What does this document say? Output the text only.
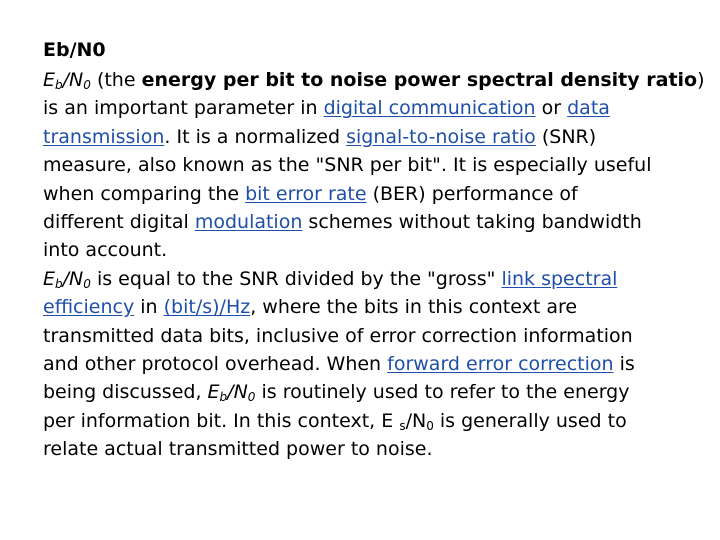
Eb/N0
$E_b/N_0$ (the energy per bit to noise power spectral density ratio)
is an important parameter in digital communication or data
transmission. It is a normalized signal-to-noise ratio (SNR)
measure, also known as the "SNR per bit". It is especially useful
when comparing the bit error rate (BER) performance of
different digital modulation schemes without taking bandwidth
into account.
$E_b/N_0$ is equal to the SNR divided by the "gross" link spectral
efficiency in (bit/s)/Hz, where the bits in this context are
transmitted data bits, inclusive of error correction information
and other protocol overhead. When forward error correction is
being discussed, $E_b/N_0$ is routinely used to refer to the energy
per information bit. In this context, E $_s/N_0$ is generally used to
relate actual transmitted power to noise.
